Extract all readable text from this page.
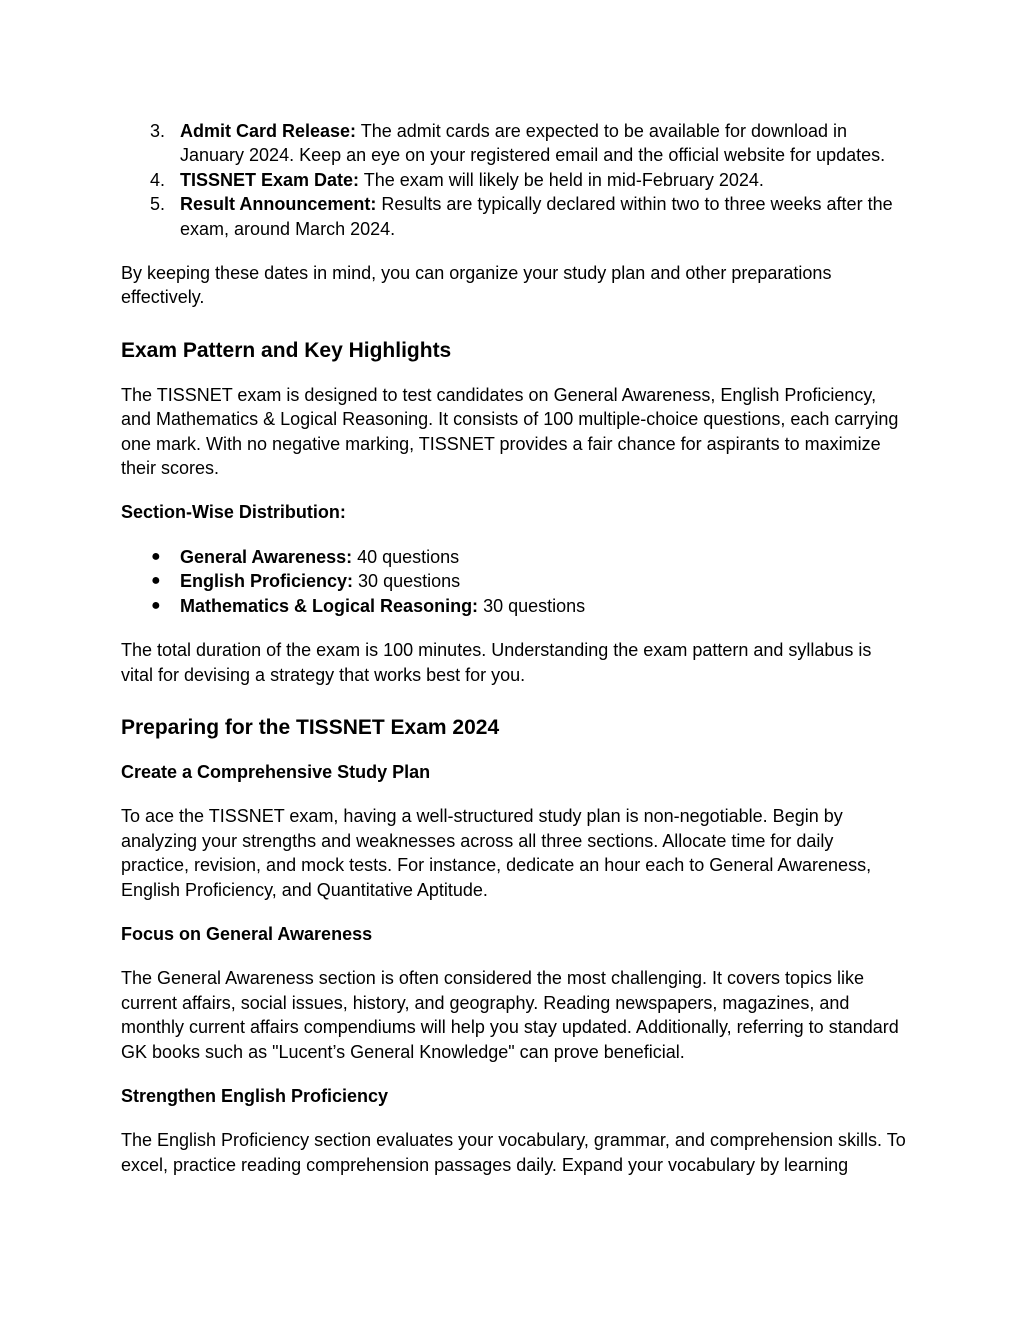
3. Admit Card Release: The admit cards are expected to be available for download in January 2024. Keep an eye on your registered email and the official website for updates.
4. TISSNET Exam Date: The exam will likely be held in mid-February 2024.
5. Result Announcement: Results are typically declared within two to three weeks after the exam, around March 2024.

By keeping these dates in mind, you can organize your study plan and other preparations effectively.

Exam Pattern and Key Highlights

The TISSNET exam is designed to test candidates on General Awareness, English Proficiency, and Mathematics & Logical Reasoning. It consists of 100 multiple-choice questions, each carrying one mark. With no negative marking, TISSNET provides a fair chance for aspirants to maximize their scores.

Section-Wise Distribution:
● General Awareness: 40 questions
● English Proficiency: 30 questions
● Mathematics & Logical Reasoning: 30 questions

The total duration of the exam is 100 minutes. Understanding the exam pattern and syllabus is vital for devising a strategy that works best for you.

Preparing for the TISSNET Exam 2024
Create a Comprehensive Study Plan

To ace the TISSNET exam, having a well-structured study plan is non-negotiable. Begin by analyzing your strengths and weaknesses across all three sections. Allocate time for daily practice, revision, and mock tests. For instance, dedicate an hour each to General Awareness, English Proficiency, and Quantitative Aptitude.

Focus on General Awareness

The General Awareness section is often considered the most challenging. It covers topics like current affairs, social issues, history, and geography. Reading newspapers, magazines, and monthly current affairs compendiums will help you stay updated. Additionally, referring to standard GK books such as "Lucent’s General Knowledge" can prove beneficial.

Strengthen English Proficiency

The English Proficiency section evaluates your vocabulary, grammar, and comprehension skills. To excel, practice reading comprehension passages daily. Expand your vocabulary by learning
